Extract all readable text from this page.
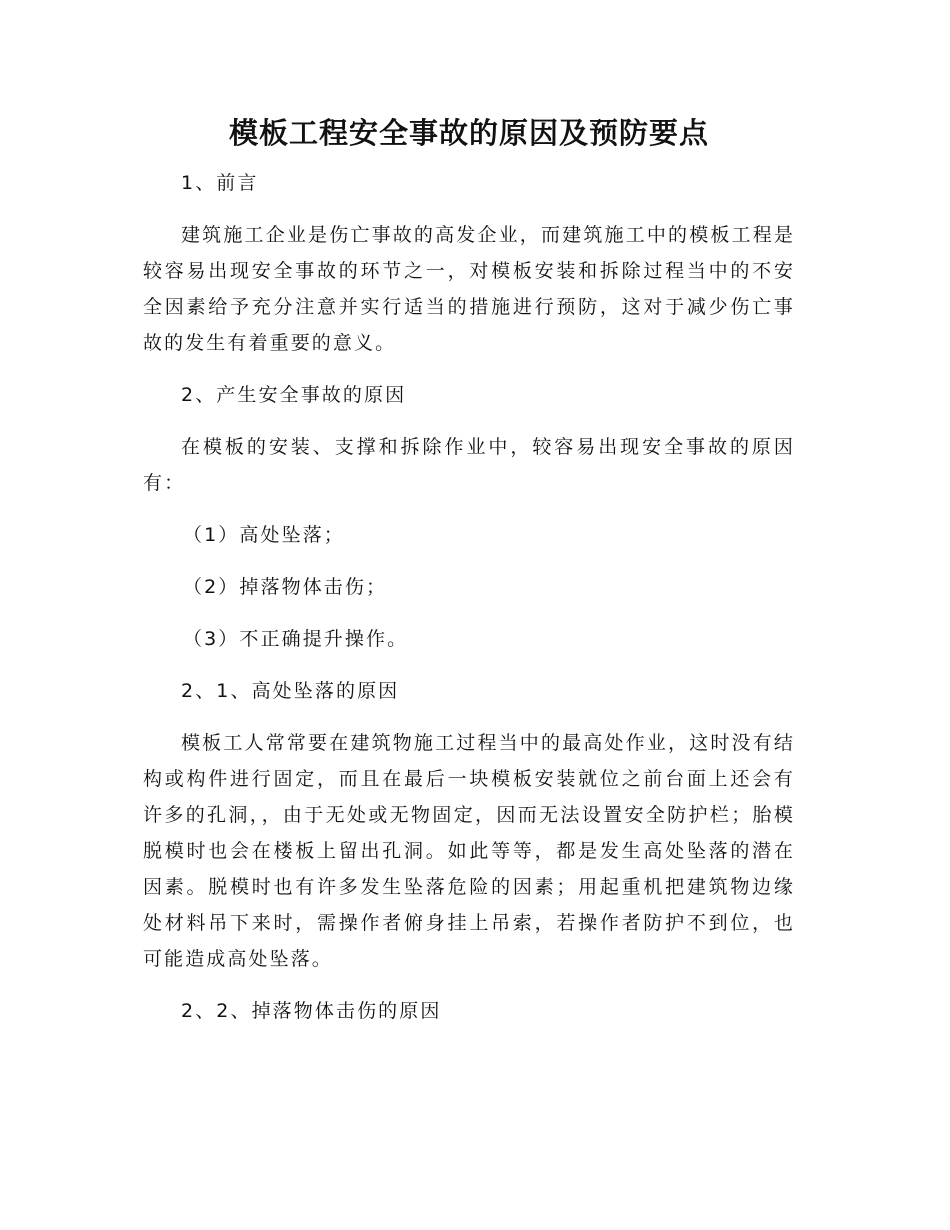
模板工程安全事故的原因及预防要点
1、前言

建筑施工企业是伤亡事故的高发企业，而建筑施工中的模板工程是较容易出现安全事故的环节之一，对模板安装和拆除过程当中的不安全因素给予充分注意并实行适当的措施进行预防，这对于减少伤亡事故的发生有着重要的意义。

2、产生安全事故的原因

在模板的安装、支撑和拆除作业中，较容易出现安全事故的原因有：

（1）高处坠落；
（2）掉落物体击伤；
（3）不正确提升操作。
2、1、高处坠落的原因

模板工人常常要在建筑物施工过程当中的最高处作业，这时没有结构或构件进行固定，而且在最后一块模板安装就位之前台面上还会有许多的孔洞，，由于无处或无物固定，因而无法设置安全防护栏；胎模脱模时也会在楼板上留出孔洞。如此等等，都是发生高处坠落的潜在因素。脱模时也有许多发生坠落危险的因素；用起重机把建筑物边缘处材料吊下来时，需操作者俯身挂上吊索，若操作者防护不到位，也可能造成高处坠落。

2、2、掉落物体击伤的原因
